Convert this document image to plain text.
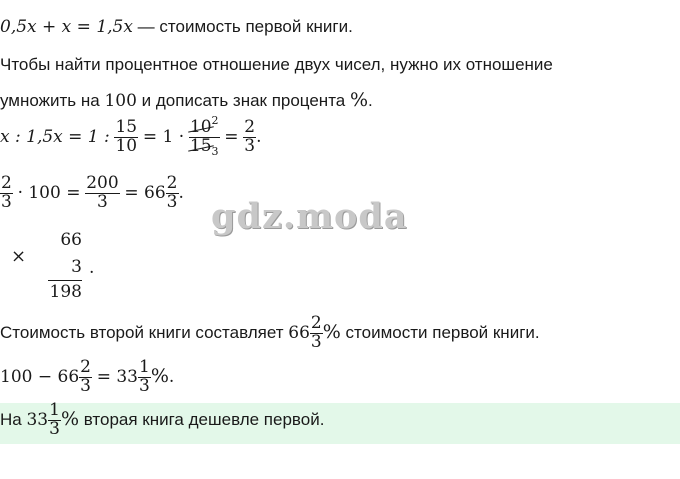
0,5x + x = 1,5x — стоимость первой книги.
Чтобы найти процентное отношение двух чисел, нужно их отношение
умножить на 100 и дописать знак процента %.
x : 1,5x = 1 : $\frac{15}{10} = 1 \cdot \frac{10^2}{15_3} = \frac{2}{3}$ .
$\frac{2}{3} \cdot 100 = \frac{200}{3} = 66 \frac{2}{3}$ .
gdz.moda
×
66
3
198
.
Стоимость второй книги составляет $66 \frac{2}{3}$ % стоимости первой книги.
$100 - 66 \frac{2}{3} = 33 \frac{1}{3}$ %.
На $33 \frac{1}{3}$ % вторая книга дешевле первой.
